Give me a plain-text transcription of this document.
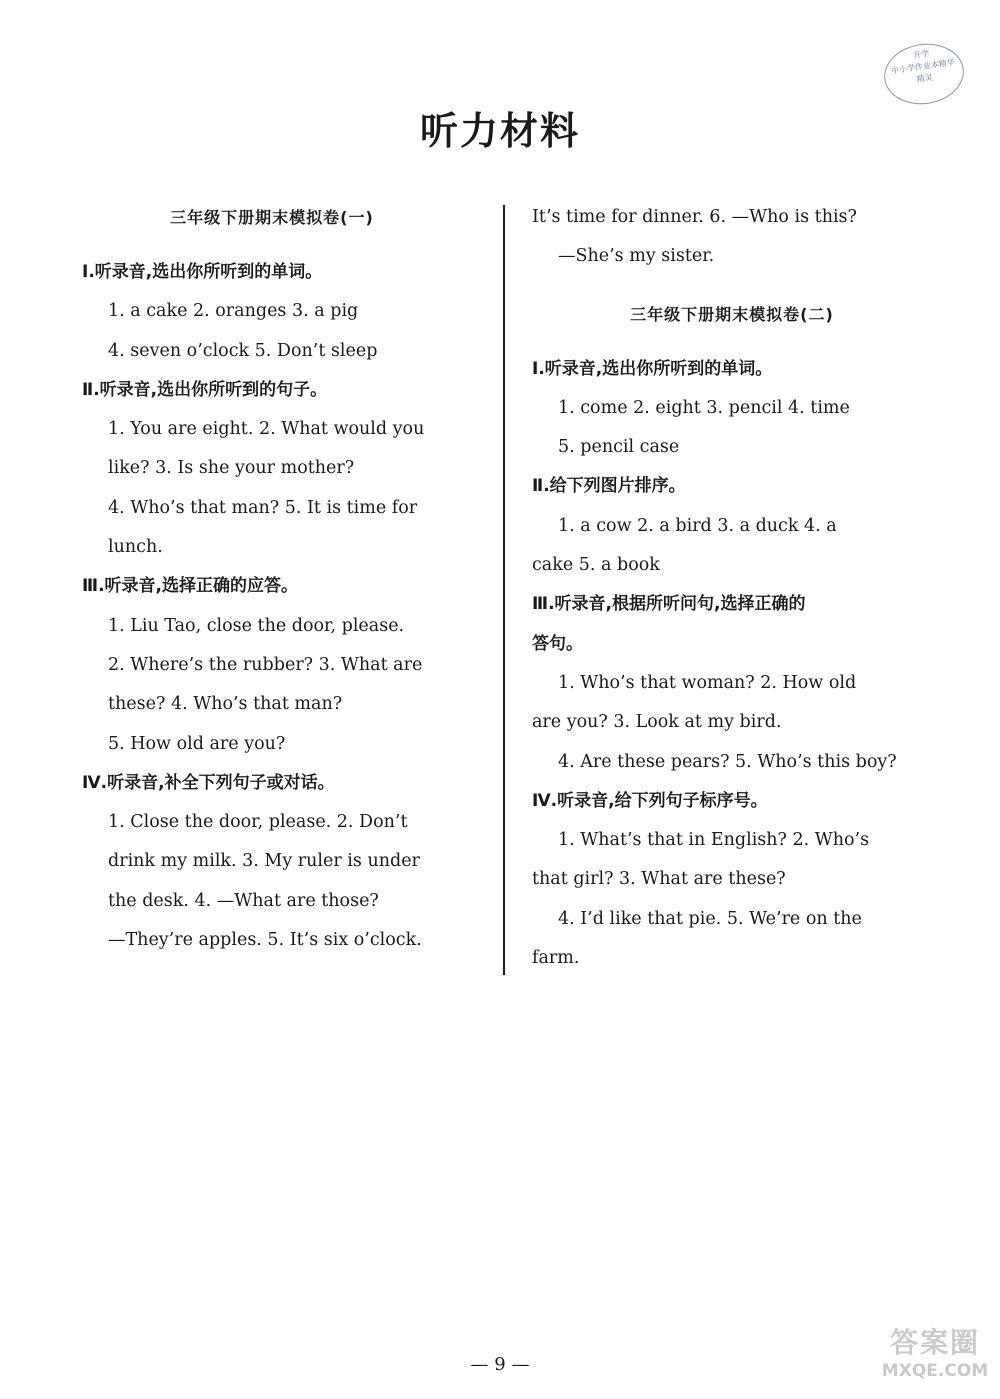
听力材料
升学
中小学作业本精华
精灵
三年级下册期末模拟卷(一)
Ⅰ.听录音,选出你所听到的单词。
1. a cake 2. oranges 3. a pig
4. seven o’clock 5. Don’t sleep
Ⅱ.听录音,选出你所听到的句子。
1. You are eight. 2. What would you
like? 3. Is she your mother?
4. Who’s that man? 5. It is time for
lunch.
Ⅲ.听录音,选择正确的应答。
1. Liu Tao, close the door, please.
2. Where’s the rubber? 3. What are
these? 4. Who’s that man?
5. How old are you?
Ⅳ.听录音,补全下列句子或对话。
1. Close the door, please. 2. Don’t
drink my milk. 3. My ruler is under
the desk. 4. —What are those?
—They’re apples. 5. It’s six o’clock.
It’s time for dinner. 6. —Who is this?
—She’s my sister.
三年级下册期末模拟卷(二)
Ⅰ.听录音,选出你所听到的单词。
1. come 2. eight 3. pencil 4. time
5. pencil case
Ⅱ.给下列图片排序。
1. a cow 2. a bird 3. a duck 4. a
cake 5. a book
Ⅲ.听录音,根据所听问句,选择正确的
答句。
1. Who’s that woman? 2. How old
are you? 3. Look at my bird.
4. Are these pears? 5. Who’s this boy?
Ⅳ.听录音,给下列句子标序号。
1. What’s that in English? 2. Who’s
that girl? 3. What are these?
4. I’d like that pie. 5. We’re on the
farm.
— 9 —
答案圈
MXQE.COM
